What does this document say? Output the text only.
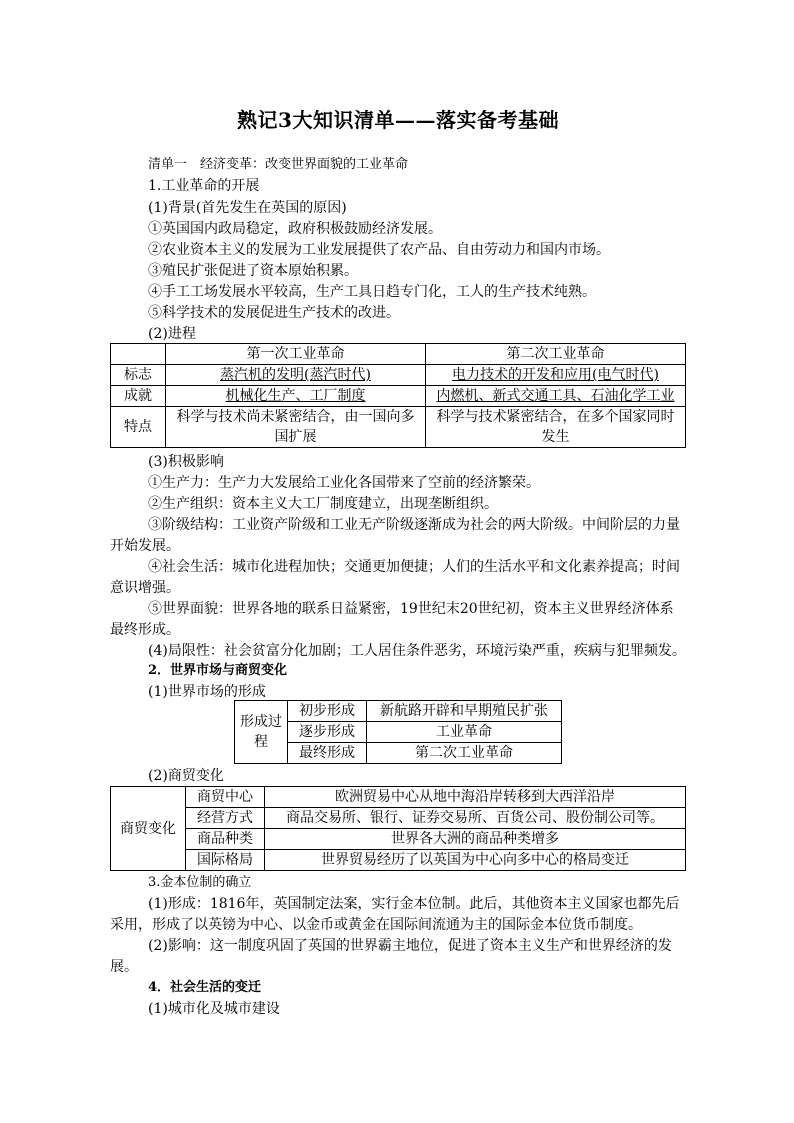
熟记3大知识清单——落实备考基础
清单一　经济变革：改变世界面貌的工业革命
1.工业革命的开展
(1)背景(首先发生在英国的原因)
①英国国内政局稳定，政府积极鼓励经济发展。
②农业资本主义的发展为工业发展提供了农产品、自由劳动力和国内市场。
③殖民扩张促进了资本原始积累。
④手工工场发展水平较高，生产工具日趋专门化，工人的生产技术纯熟。
⑤科学技术的发展促进生产技术的改进。
(2)进程
	第一次工业革命	第二次工业革命
标志	蒸汽机的发明(蒸汽时代)	电力技术的开发和应用(电气时代)
成就	机械化生产、工厂制度	内燃机、新式交通工具、石油化学工业
特点	科学与技术尚未紧密结合，由一国向多国扩展	科学与技术紧密结合，在多个国家同时发生
(3)积极影响
①生产力：生产力大发展给工业化各国带来了空前的经济繁荣。
②生产组织：资本主义大工厂制度建立，出现垄断组织。
③阶级结构：工业资产阶级和工业无产阶级逐渐成为社会的两大阶级。中间阶层的力量
开始发展。
④社会生活：城市化进程加快；交通更加便捷；人们的生活水平和文化素养提高；时间
意识增强。
⑤世界面貌：世界各地的联系日益紧密，19世纪末20世纪初，资本主义世界经济体系
最终形成。
(4)局限性：社会贫富分化加剧；工人居住条件恶劣，环境污染严重，疾病与犯罪频发。
2．世界市场与商贸变化
(1)世界市场的形成
形成过程	初步形成	新航路开辟和早期殖民扩张
	逐步形成	工业革命
	最终形成	第二次工业革命
(2)商贸变化
商贸变化	商贸中心	欧洲贸易中心从地中海沿岸转移到大西洋沿岸
	经营方式	商品交易所、银行、证券交易所、百货公司、股份制公司等。
	商品种类	世界各大洲的商品种类增多
	国际格局	世界贸易经历了以英国为中心向多中心的格局变迁
3.金本位制的确立
(1)形成：1816年，英国制定法案，实行金本位制。此后，其他资本主义国家也都先后
采用，形成了以英镑为中心、以金币或黄金在国际间流通为主的国际金本位货币制度。
(2)影响：这一制度巩固了英国的世界霸主地位，促进了资本主义生产和世界经济的发
展。
4．社会生活的变迁
(1)城市化及城市建设
